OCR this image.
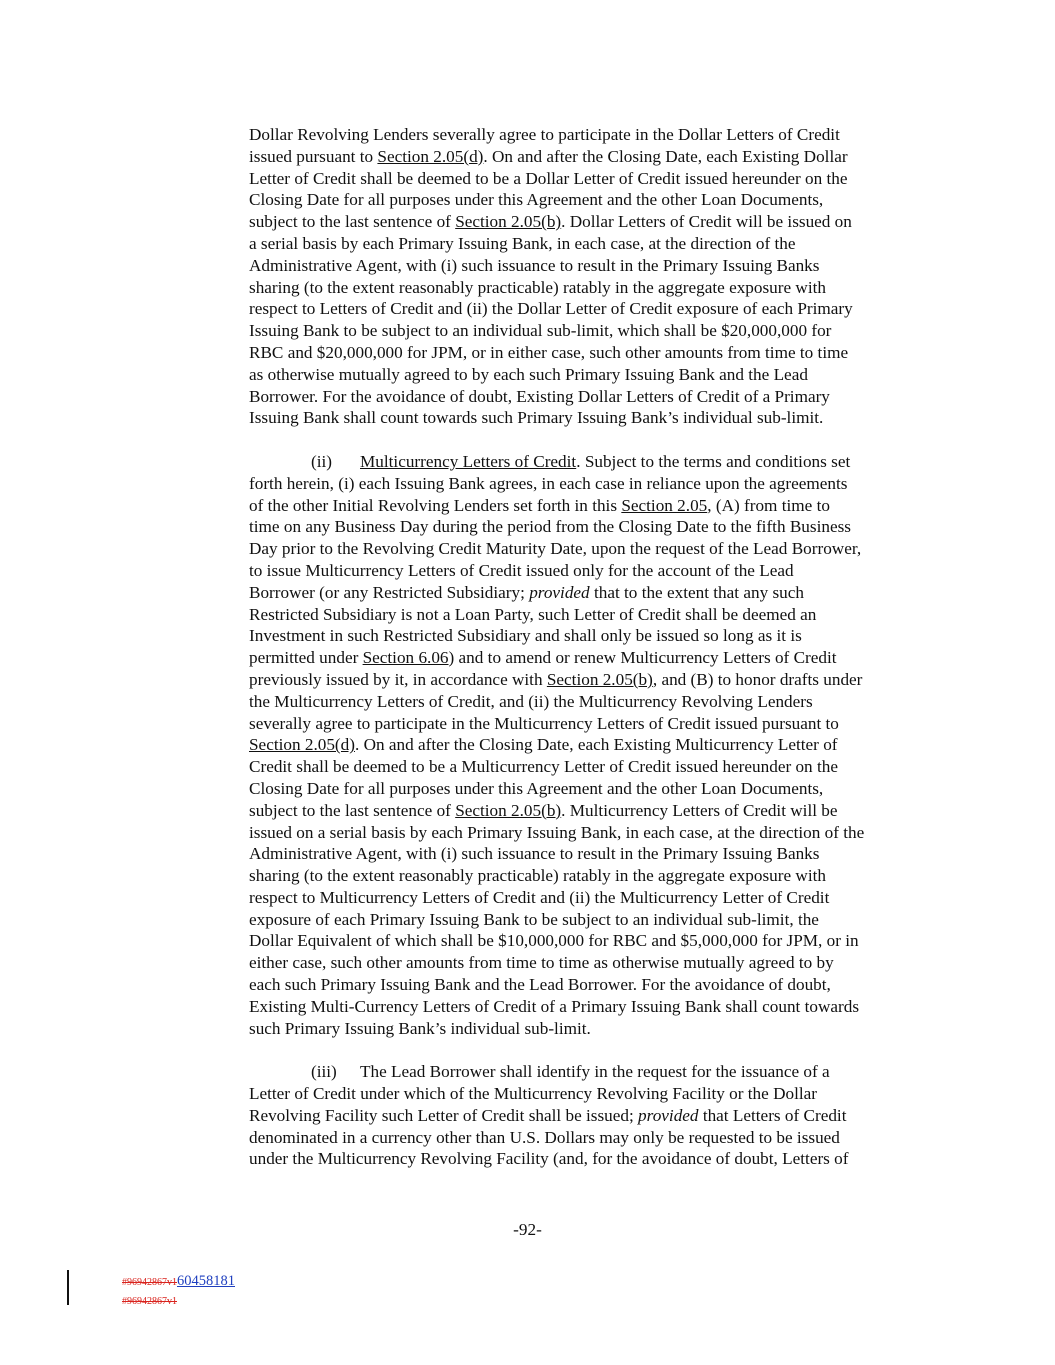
Dollar Revolving Lenders severally agree to participate in the Dollar Letters of Credit
issued pursuant to Section 2.05(d). On and after the Closing Date, each Existing Dollar
Letter of Credit shall be deemed to be a Dollar Letter of Credit issued hereunder on the
Closing Date for all purposes under this Agreement and the other Loan Documents,
subject to the last sentence of Section 2.05(b). Dollar Letters of Credit will be issued on
a serial basis by each Primary Issuing Bank, in each case, at the direction of the
Administrative Agent, with (i) such issuance to result in the Primary Issuing Banks
sharing (to the extent reasonably practicable) ratably in the aggregate exposure with
respect to Letters of Credit and (ii) the Dollar Letter of Credit exposure of each Primary
Issuing Bank to be subject to an individual sub-limit, which shall be $20,000,000 for
RBC and $20,000,000 for JPM, or in either case, such other amounts from time to time
as otherwise mutually agreed to by each such Primary Issuing Bank and the Lead
Borrower. For the avoidance of doubt, Existing Dollar Letters of Credit of a Primary
Issuing Bank shall count towards such Primary Issuing Bank’s individual sub-limit.
(ii) Multicurrency Letters of Credit. Subject to the terms and conditions set
forth herein, (i) each Issuing Bank agrees, in each case in reliance upon the agreements
of the other Initial Revolving Lenders set forth in this Section 2.05, (A) from time to
time on any Business Day during the period from the Closing Date to the fifth Business
Day prior to the Revolving Credit Maturity Date, upon the request of the Lead Borrower,
to issue Multicurrency Letters of Credit issued only for the account of the Lead
Borrower (or any Restricted Subsidiary; provided that to the extent that any such
Restricted Subsidiary is not a Loan Party, such Letter of Credit shall be deemed an
Investment in such Restricted Subsidiary and shall only be issued so long as it is
permitted under Section 6.06) and to amend or renew Multicurrency Letters of Credit
previously issued by it, in accordance with Section 2.05(b), and (B) to honor drafts under
the Multicurrency Letters of Credit, and (ii) the Multicurrency Revolving Lenders
severally agree to participate in the Multicurrency Letters of Credit issued pursuant to
Section 2.05(d). On and after the Closing Date, each Existing Multicurrency Letter of
Credit shall be deemed to be a Multicurrency Letter of Credit issued hereunder on the
Closing Date for all purposes under this Agreement and the other Loan Documents,
subject to the last sentence of Section 2.05(b). Multicurrency Letters of Credit will be
issued on a serial basis by each Primary Issuing Bank, in each case, at the direction of the
Administrative Agent, with (i) such issuance to result in the Primary Issuing Banks
sharing (to the extent reasonably practicable) ratably in the aggregate exposure with
respect to Multicurrency Letters of Credit and (ii) the Multicurrency Letter of Credit
exposure of each Primary Issuing Bank to be subject to an individual sub-limit, the
Dollar Equivalent of which shall be $10,000,000 for RBC and $5,000,000 for JPM, or in
either case, such other amounts from time to time as otherwise mutually agreed to by
each such Primary Issuing Bank and the Lead Borrower. For the avoidance of doubt,
Existing Multi-Currency Letters of Credit of a Primary Issuing Bank shall count towards
such Primary Issuing Bank’s individual sub-limit.
(iii) The Lead Borrower shall identify in the request for the issuance of a
Letter of Credit under which of the Multicurrency Revolving Facility or the Dollar
Revolving Facility such Letter of Credit shall be issued; provided that Letters of Credit
denominated in a currency other than U.S. Dollars may only be requested to be issued
under the Multicurrency Revolving Facility (and, for the avoidance of doubt, Letters of
-92-
#96942867v160458181
#96942867v1
